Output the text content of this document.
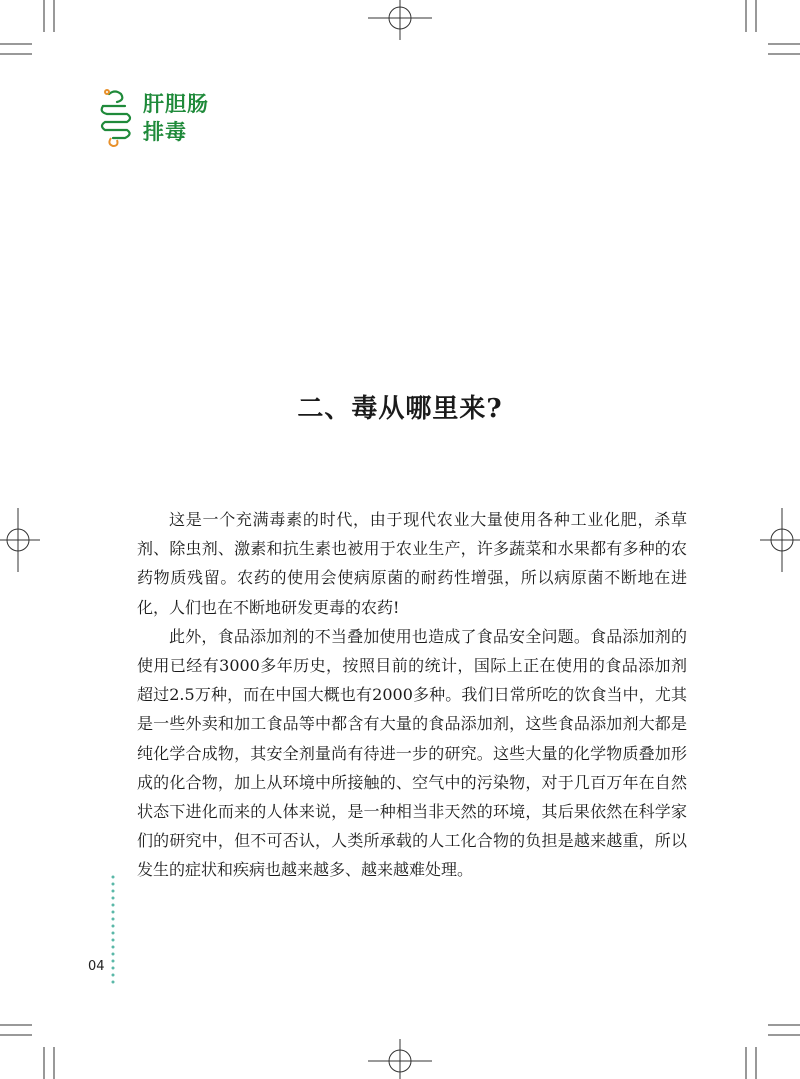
肝胆肠
排毒
二、毒从哪里来?

这是一个充满毒素的时代，由于现代农业大量使用各种工业化肥，杀草剂、除虫剂、激素和抗生素也被用于农业生产，许多蔬菜和水果都有多种的农药物质残留。农药的使用会使病原菌的耐药性增强，所以病原菌不断地在进化，人们也在不断地研发更毒的农药!

此外，食品添加剂的不当叠加使用也造成了食品安全问题。食品添加剂的使用已经有3000多年历史，按照目前的统计，国际上正在使用的食品添加剂超过2.5万种，而在中国大概也有2000多种。我们日常所吃的饮食当中，尤其是一些外卖和加工食品等中都含有大量的食品添加剂，这些食品添加剂大都是纯化学合成物，其安全剂量尚有待进一步的研究。这些大量的化学物质叠加形成的化合物，加上从环境中所接触的、空气中的污染物，对于几百万年在自然状态下进化而来的人体来说，是一种相当非天然的环境，其后果依然在科学家们的研究中，但不可否认，人类所承载的人工化合物的负担是越来越重，所以发生的症状和疾病也越来越多、越来越难处理。

04
